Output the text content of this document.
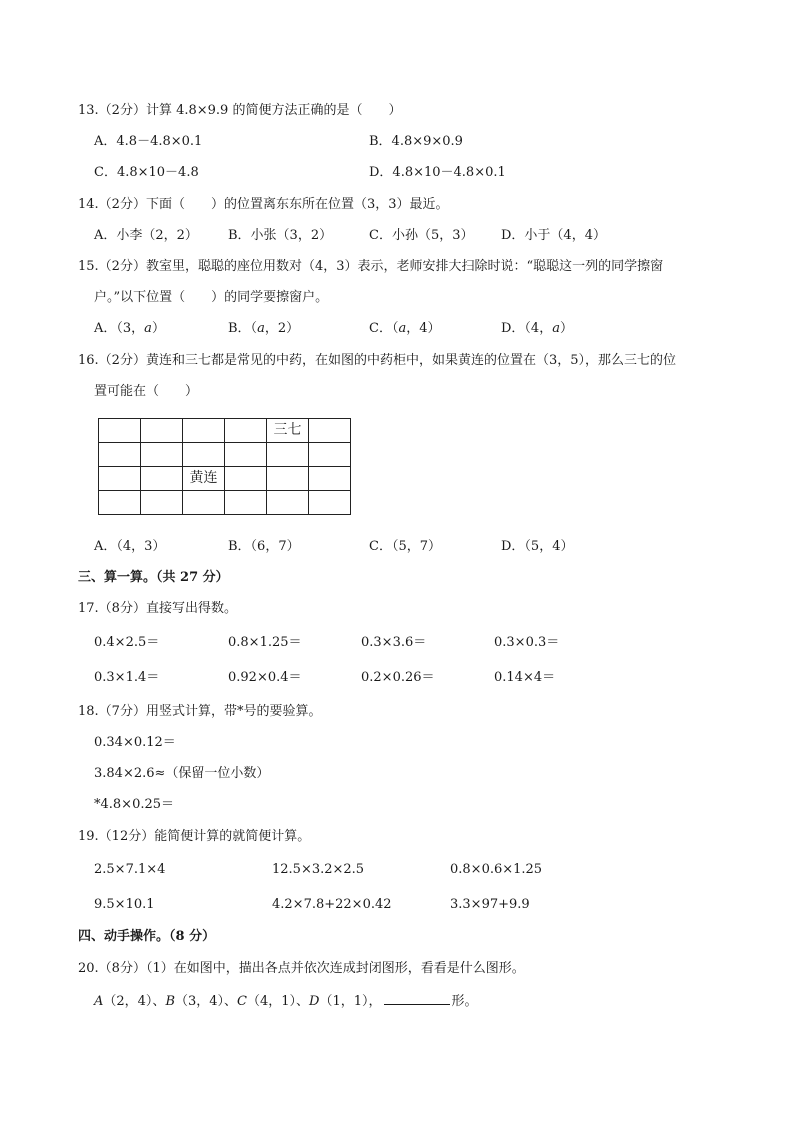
13.（2分）计算 4.8×9.9 的简便方法正确的是（　　）
A．4.8－4.8×0.1	B．4.8×9×0.9
C．4.8×10－4.8	D．4.8×10－4.8×0.1
14.（2分）下面（　　）的位置离东东所在位置（3，3）最近。
A．小李（2，2） B．小张（3，2）	C．小孙（5，3） D．小于（4，4）
15.（2分）教室里，聪聪的座位用数对（4，3）表示，老师安排大扫除时说：“聪聪这一列的同学擦窗
户。”以下位置（　　）的同学要擦窗户。
A．（3，a）	B．（a，2）	C．（a，4）	D．（4，a）
16.（2分）黄连和三七都是常见的中药，在如图的中药柜中，如果黄连的位置在（3，5），那么三七的位
置可能在（　　）
				三七	

		黄连			

A．（4，3）	B．（6，7）	C．（5，7）	D．（5，4）
三、算一算。（共 27 分）
17.（8分）直接写出得数。
0.4×2.5＝	0.8×1.25＝	0.3×3.6＝	0.3×0.3＝
0.3×1.4＝	0.92×0.4＝	0.2×0.26＝	0.14×4＝
18.（7分）用竖式计算，带*号的要验算。
0.34×0.12＝
3.84×2.6≈（保留一位小数）
*4.8×0.25＝
19.（12分）能简便计算的就简便计算。
2.5×7.1×4	12.5×3.2×2.5	0.8×0.6×1.25
9.5×10.1	4.2×7.8+22×0.42	3.3×97+9.9
四、动手操作。（8 分）
20.（8分）（1）在如图中，描出各点并依次连成封闭图形，看看是什么图形。
A（2，4）、B（3，4）、C（4，1）、D（1，1），	形。
